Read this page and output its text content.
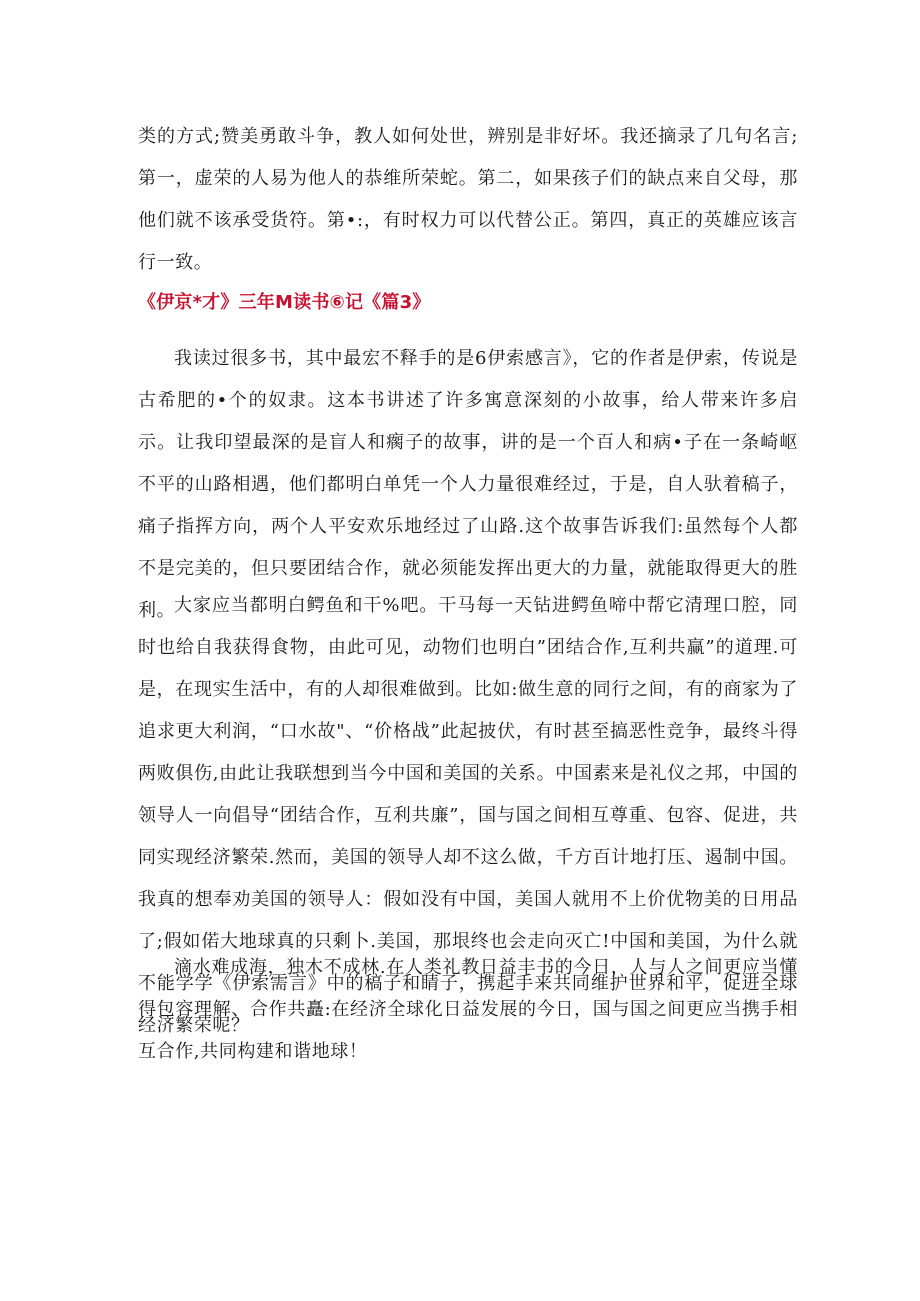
类的方式;赞美勇敢斗争，教人如何处世，辨别是非好坏。我还摘录了几句名言;第一，虚荣的人易为他人的恭维所荣蛇。第二，如果孩子们的缺点来自父母，那他们就不该承受货符。第•:，有时权力可以代替公正。第四，真正的英雄应该言行一致。

《伊京*才》三年M读书⑥记《篇3》

我读过很多书，其中最宏不释手的是6伊索感言》，它的作者是伊索，传说是古希肥的•个的奴隶。这本书讲述了许多寓意深刻的小故事，给人带来许多启示。让我印望最深的是盲人和瘸子的故事，讲的是一个百人和病•子在一条崎岖不平的山路相遇，他们都明白单凭一个人力量很难经过，于是，自人驮着稿子，痛子指挥方向，两个人平安欢乐地经过了山路.这个故事告诉我们:虽然每个人都不是完美的，但只要团结合作，就必须能发挥出更大的力量，就能取得更大的胜利。

大家应当都明白鳄鱼和干%吧。干马每一天钻进鳄鱼啼中帮它清理口腔，同时也给自我获得食物，由此可见，动物们也明白”团结合作,互利共赢”的道理.可是，在现实生活中，有的人却很难做到。比如:做生意的同行之间，有的商家为了追求更大利润，“口水故"、“价格战”此起披伏，有时甚至搞恶性竞争，最终斗得两败俱伤,由此让我联想到当今中国和美国的关系。中国素来是礼仪之邦，中国的领导人一向倡导“团结合作，互利共廉”，国与国之间相互尊重、包容、促进，共同实现经济繁荣.然而，美国的领导人却不这么做，千方百计地打压、遏制中国。我真的想奉劝美国的领导人：假如没有中国，美国人就用不上价优物美的日用品了;假如偌大地球真的只剩卜.美国，那垠终也会走向灭亡!中国和美国，为什么就不能学学《伊索需言》中的稿子和睛子，携起手来共同维护世界和平，促进全球经济繁荣呢？

滴水难成海，独木不成林.在人类礼教日益丰书的今日，人与人之间更应当懂得包容理解、合作共矗:在经济全球化日益发展的今日，国与国之间更应当携手相互合作,共同构建和谐地球！
